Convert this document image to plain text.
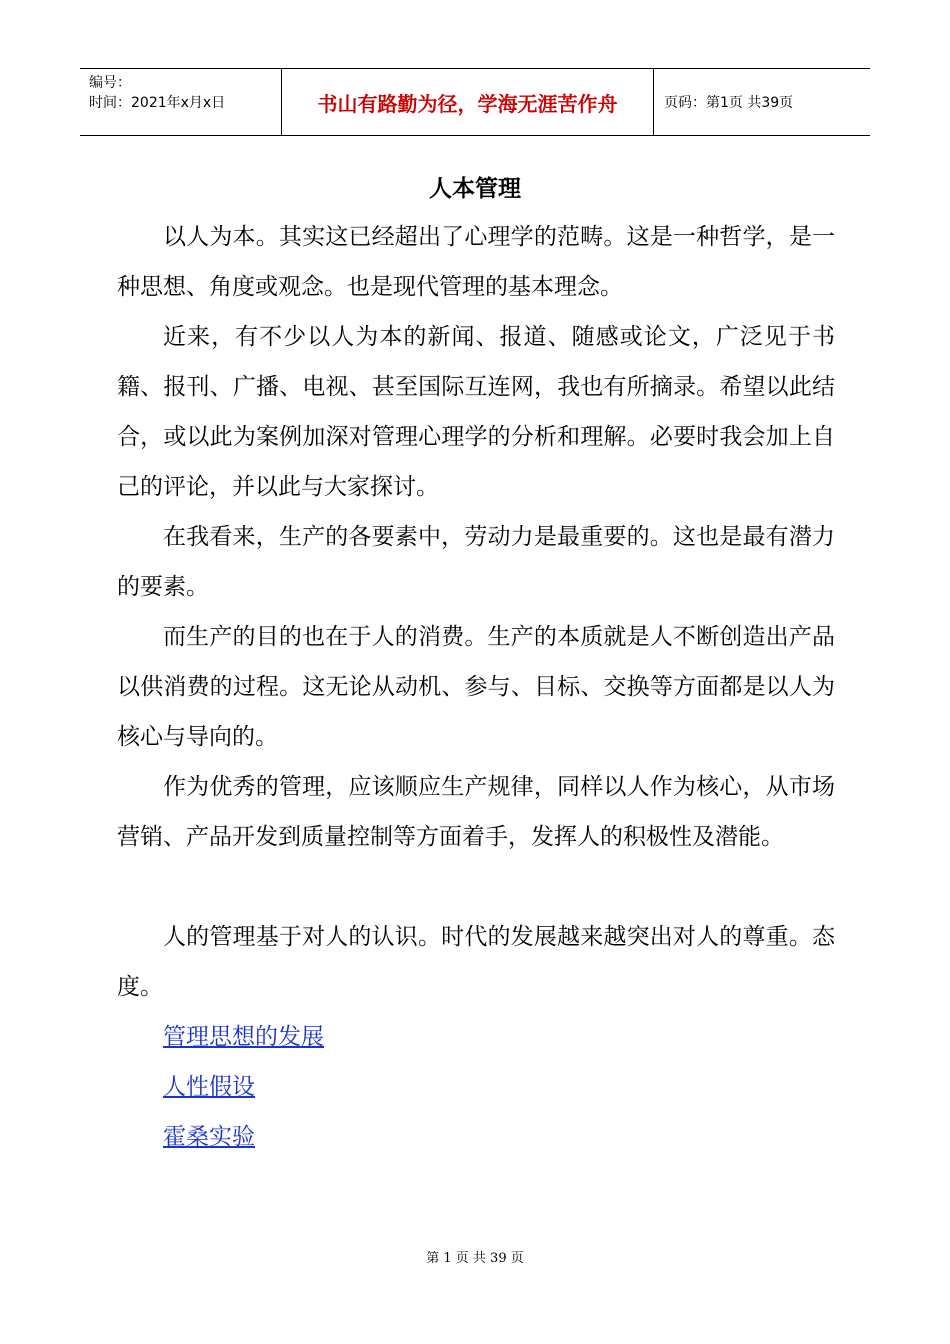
编号：
时间：2021年x月x日	书山有路勤为径，学海无涯苦作舟	页码：第1页 共39页
人本管理

以人为本。其实这已经超出了心理学的范畴。这是一种哲学，是一种思想、角度或观念。也是现代管理的基本理念。

近来，有不少以人为本的新闻、报道、随感或论文，广泛见于书籍、报刊、广播、电视、甚至国际互连网，我也有所摘录。希望以此结合，或以此为案例加深对管理心理学的分析和理解。必要时我会加上自己的评论，并以此与大家探讨。

在我看来，生产的各要素中，劳动力是最重要的。这也是最有潜力的要素。

而生产的目的也在于人的消费。生产的本质就是人不断创造出产品以供消费的过程。这无论从动机、参与、目标、交换等方面都是以人为核心与导向的。

作为优秀的管理，应该顺应生产规律，同样以人作为核心，从市场营销、产品开发到质量控制等方面着手，发挥人的积极性及潜能。

人的管理基于对人的认识。时代的发展越来越突出对人的尊重。态度。

管理思想的发展
人性假设
霍桑实验
第 1 页 共 39 页
